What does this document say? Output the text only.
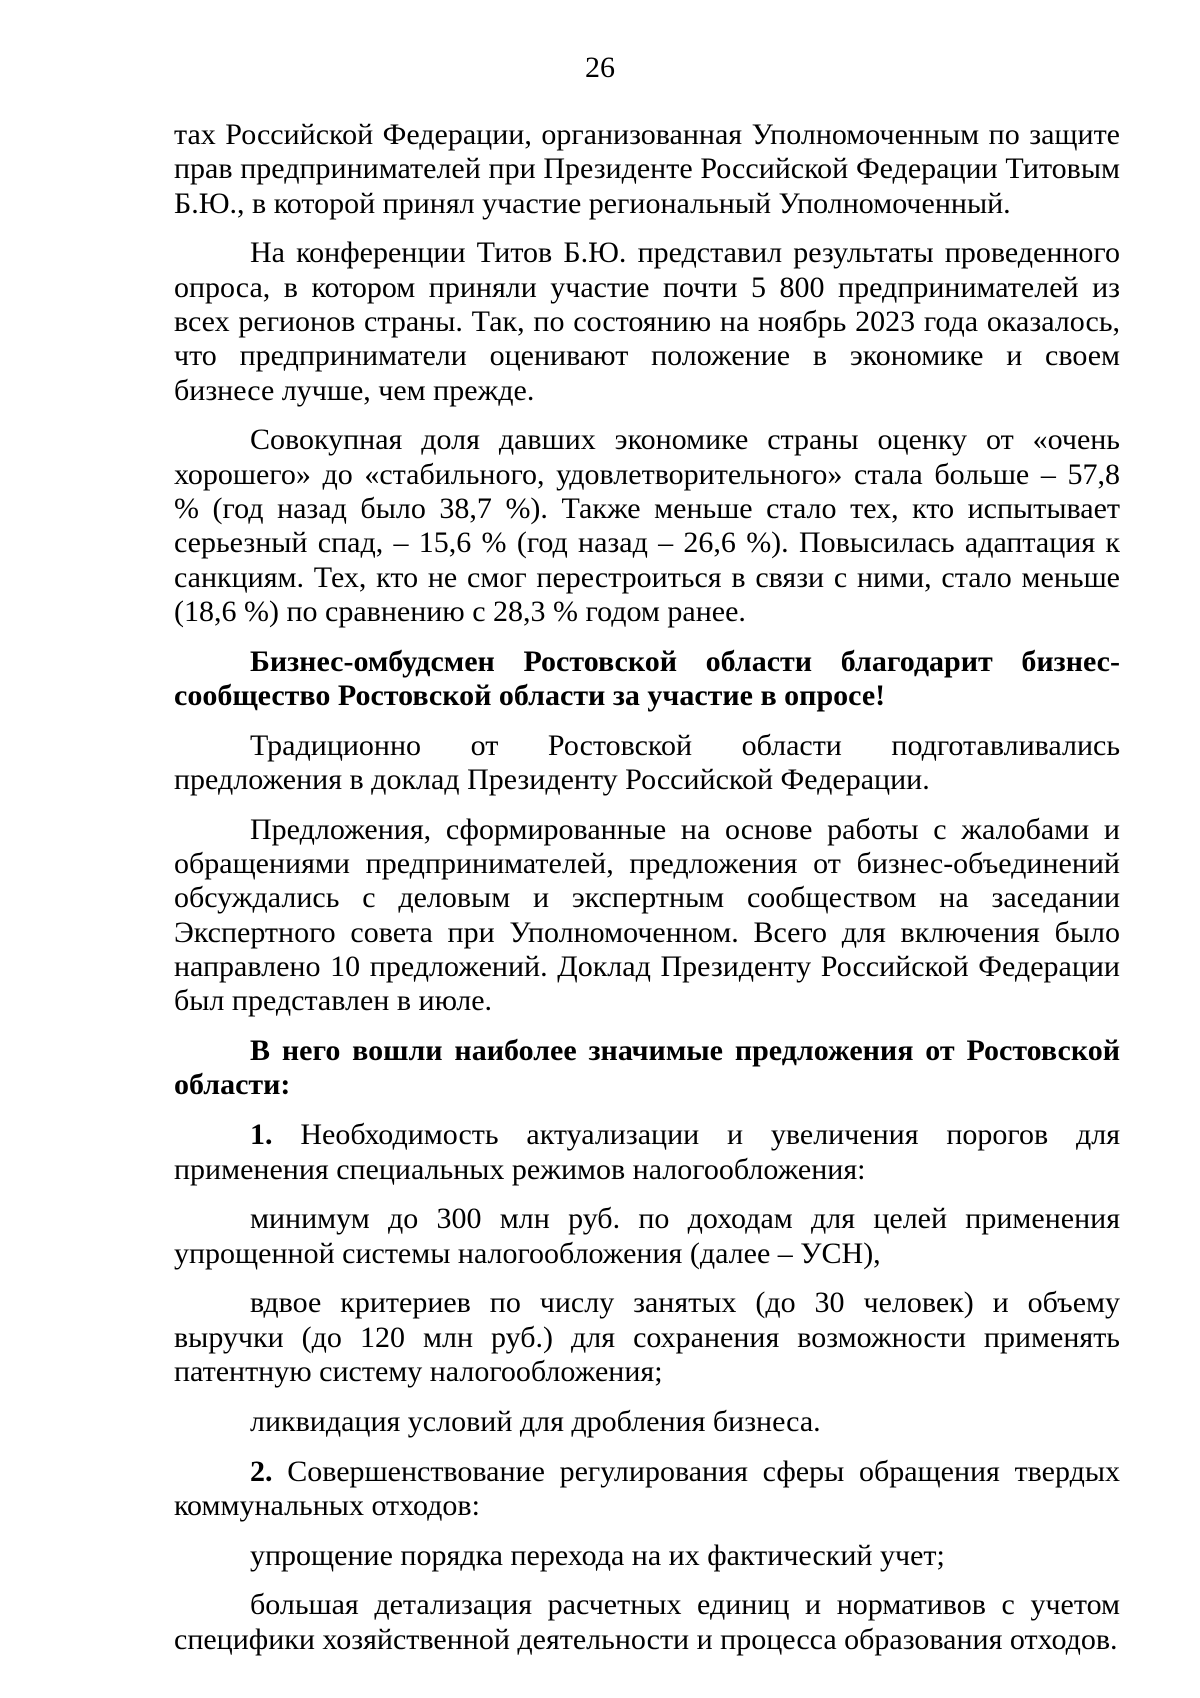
26

тах Российской Федерации, организованная Уполномоченным по защите прав предпринимателей при Президенте Российской Федерации Титовым Б.Ю., в которой принял участие региональный Уполномоченный.

На конференции Титов Б.Ю. представил результаты проведенного опроса, в котором приняли участие почти 5 800 предпринимателей из всех регионов страны. Так, по состоянию на ноябрь 2023 года оказалось, что предприниматели оценивают положение в экономике и своем бизнесе лучше, чем прежде.

Совокупная доля давших экономике страны оценку от «очень хорошего» до «стабильного, удовлетворительного» стала больше – 57,8 % (год назад было 38,7 %). Также меньше стало тех, кто испытывает серьезный спад, – 15,6 % (год назад – 26,6 %). Повысилась адаптация к санкциям. Тех, кто не смог перестроиться в связи с ними, стало меньше (18,6 %) по сравнению с 28,3 % годом ранее.

Бизнес-омбудсмен Ростовской области благодарит бизнес-

сообщество Ростовской области за участие в опросе!

Традиционно от Ростовской области подготавливались предложения в доклад Президенту Российской Федерации.

Предложения, сформированные на основе работы с жалобами и обращениями предпринимателей, предложения от бизнес-объединений обсуждались с деловым и экспертным сообществом на заседании Экспертного совета при Уполномоченном. Всего для включения было направлено 10 предложений. Доклад Президенту Российской Федерации был представлен в июле.

В него вошли наиболее значимые предложения от Ростовской области:

1. Необходимость актуализации и увеличения порогов для применения специальных режимов налогообложения:

минимум до 300 млн руб. по доходам для целей применения упрощенной системы налогообложения (далее – УСН),

вдвое критериев по числу занятых (до 30 человек) и объему выручки (до 120 млн руб.) для сохранения возможности применять патентную систему налогообложения;

ликвидация условий для дробления бизнеса.

2. Совершенствование регулирования сферы обращения твердых коммунальных отходов:

упрощение порядка перехода на их фактический учет;

большая детализация расчетных единиц и нормативов с учетом специфики хозяйственной деятельности и процесса образования отходов.
